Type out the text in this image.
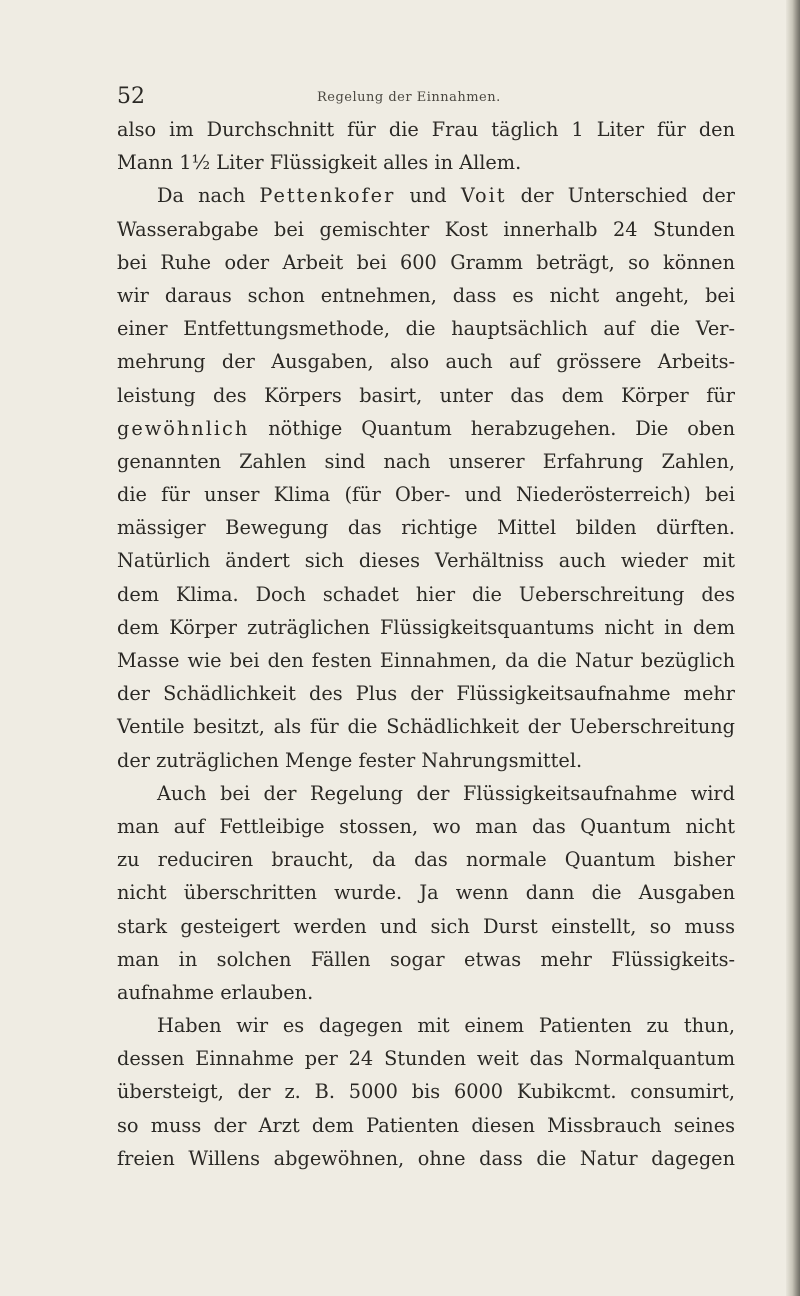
52	Regelung der Einnahmen.
also im Durchschnitt für die Frau täglich 1 Liter für den
Mann 1½ Liter Flüssigkeit alles in Allem.
Da nach Pettenkofer und Voit der Unterschied der
Wasserabgabe bei gemischter Kost innerhalb 24 Stunden
bei Ruhe oder Arbeit bei 600 Gramm beträgt, so können
wir daraus schon entnehmen, dass es nicht angeht, bei
einer Entfettungsmethode, die hauptsächlich auf die Ver-
mehrung der Ausgaben, also auch auf grössere Arbeits-
leistung des Körpers basirt, unter das dem Körper für
gewöhnlich nöthige Quantum herabzugehen. Die oben
genannten Zahlen sind nach unserer Erfahrung Zahlen,
die für unser Klima (für Ober- und Niederösterreich) bei
mässiger Bewegung das richtige Mittel bilden dürften.
Natürlich ändert sich dieses Verhältniss auch wieder mit
dem Klima. Doch schadet hier die Ueberschreitung des
dem Körper zuträglichen Flüssigkeitsquantums nicht in dem
Masse wie bei den festen Einnahmen, da die Natur bezüglich
der Schädlichkeit des Plus der Flüssigkeitsaufnahme mehr
Ventile besitzt, als für die Schädlichkeit der Ueberschreitung
der zuträglichen Menge fester Nahrungsmittel.
Auch bei der Regelung der Flüssigkeitsaufnahme wird
man auf Fettleibige stossen, wo man das Quantum nicht
zu reduciren braucht, da das normale Quantum bisher
nicht überschritten wurde. Ja wenn dann die Ausgaben
stark gesteigert werden und sich Durst einstellt, so muss
man in solchen Fällen sogar etwas mehr Flüssigkeits-
aufnahme erlauben.
Haben wir es dagegen mit einem Patienten zu thun,
dessen Einnahme per 24 Stunden weit das Normalquantum
übersteigt, der z. B. 5000 bis 6000 Kubikcmt. consumirt,
so muss der Arzt dem Patienten diesen Missbrauch seines
freien Willens abgewöhnen, ohne dass die Natur dagegen
